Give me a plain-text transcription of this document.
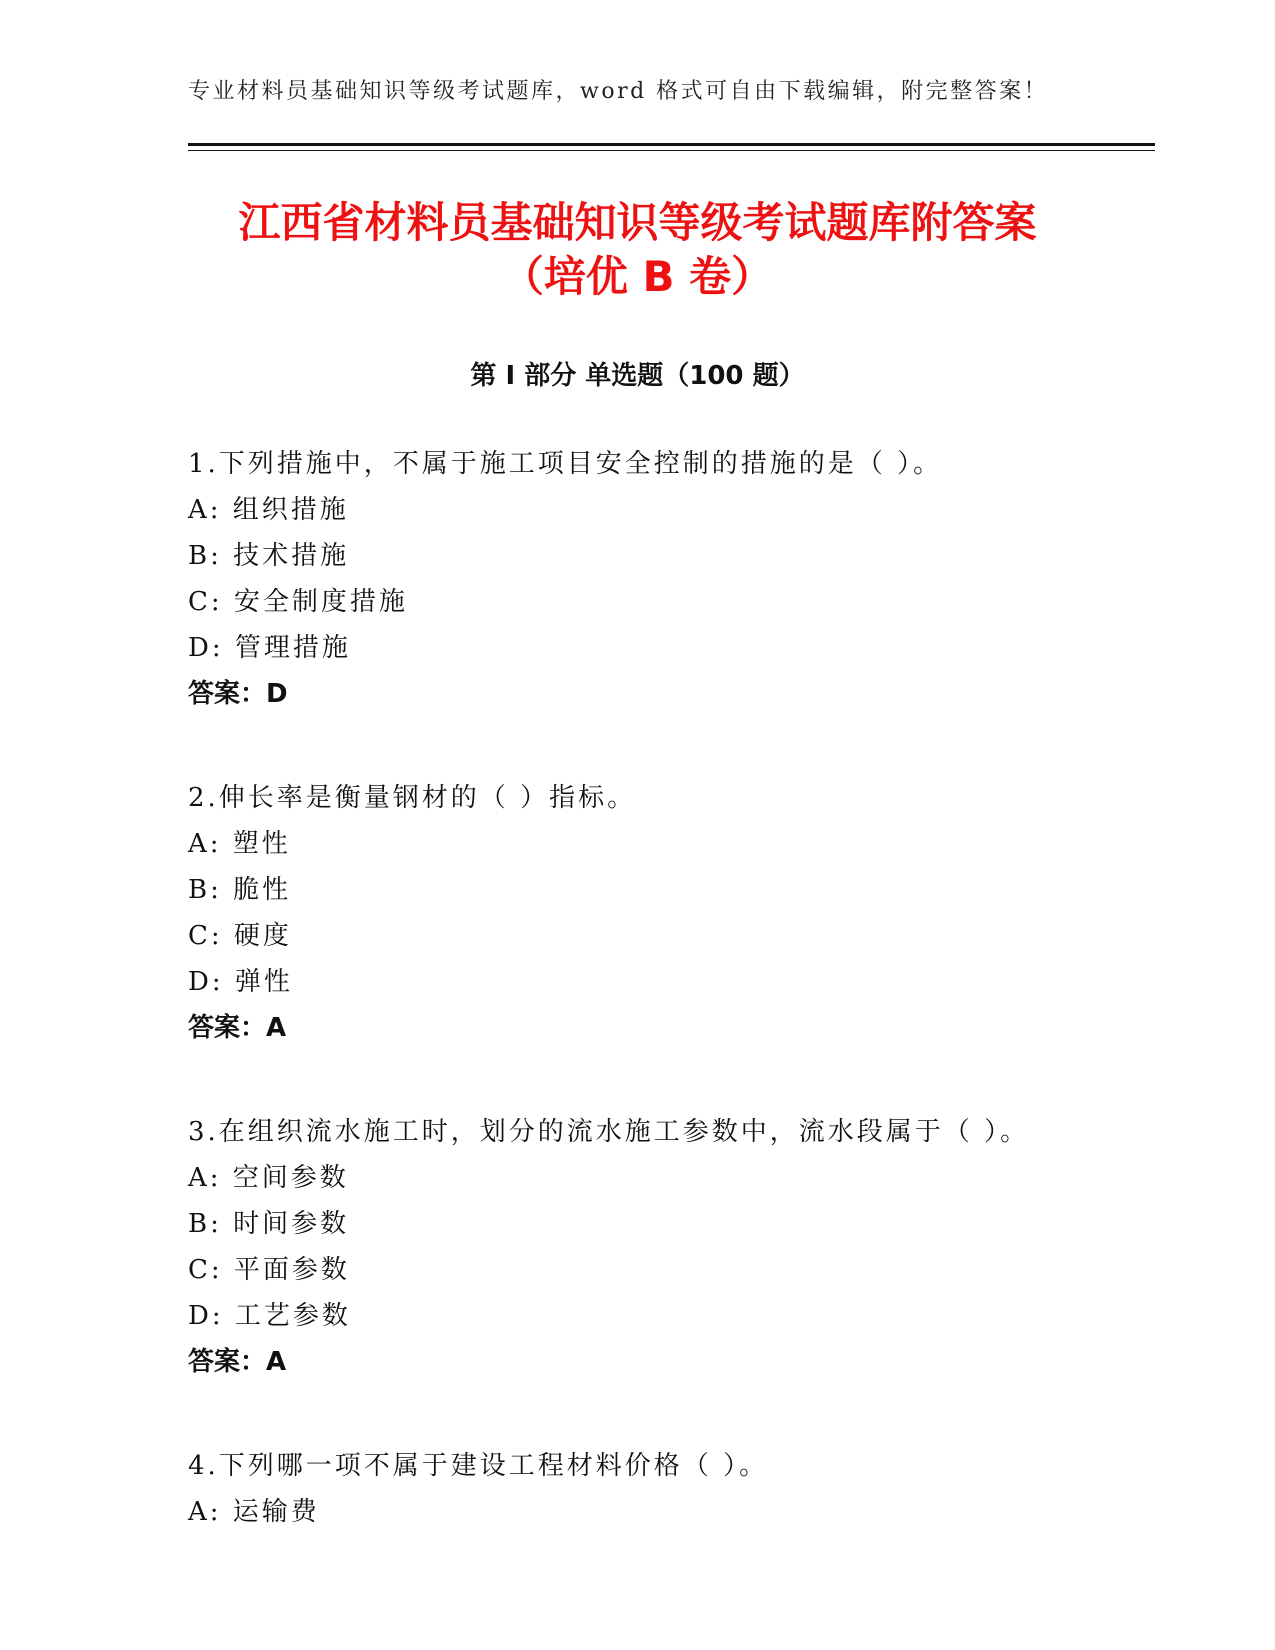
专业材料员基础知识等级考试题库，word 格式可自由下载编辑，附完整答案！
江西省材料员基础知识等级考试题库附答案
（培优 B 卷）
第 I 部分 单选题（100 题）
1.下列措施中，不属于施工项目安全控制的措施的是（ ）。
A: 组织措施
B: 技术措施
C: 安全制度措施
D: 管理措施
答案：D
2.伸长率是衡量钢材的（ ）指标。
A: 塑性
B: 脆性
C: 硬度
D: 弹性
答案：A
3.在组织流水施工时，划分的流水施工参数中，流水段属于（ ）。
A: 空间参数
B: 时间参数
C: 平面参数
D: 工艺参数
答案：A
4.下列哪一项不属于建设工程材料价格（ ）。
A: 运输费
